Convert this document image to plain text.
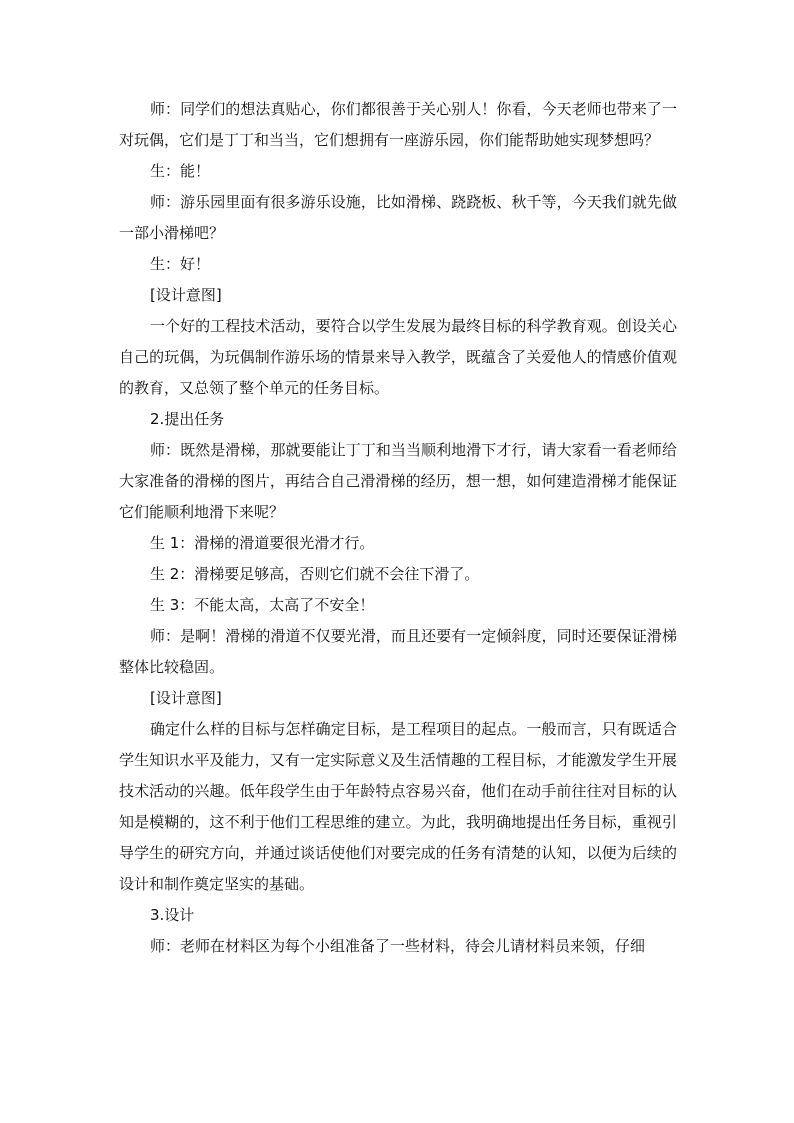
师：同学们的想法真贴心，你们都很善于关心别人！你看，今天老师也带来了一对玩偶，它们是丁丁和当当，它们想拥有一座游乐园，你们能帮助她实现梦想吗？

生：能！

师：游乐园里面有很多游乐设施，比如滑梯、跷跷板、秋千等，今天我们就先做一部小滑梯吧？

生：好！

[设计意图]

一个好的工程技术活动，要符合以学生发展为最终目标的科学教育观。创设关心自己的玩偶，为玩偶制作游乐场的情景来导入教学，既蕴含了关爱他人的情感价值观的教育，又总领了整个单元的任务目标。

2.提出任务

师：既然是滑梯，那就要能让丁丁和当当顺利地滑下才行，请大家看一看老师给大家准备的滑梯的图片，再结合自己滑滑梯的经历，想一想，如何建造滑梯才能保证它们能顺利地滑下来呢？

生 1：滑梯的滑道要很光滑才行。

生 2：滑梯要足够高，否则它们就不会往下滑了。

生 3：不能太高，太高了不安全！

师：是啊！滑梯的滑道不仅要光滑，而且还要有一定倾斜度，同时还要保证滑梯整体比较稳固。

[设计意图]

确定什么样的目标与怎样确定目标，是工程项目的起点。一般而言，只有既适合学生知识水平及能力，又有一定实际意义及生活情趣的工程目标，才能激发学生开展技术活动的兴趣。低年段学生由于年龄特点容易兴奋，他们在动手前往往对目标的认知是模糊的，这不利于他们工程思维的建立。为此，我明确地提出任务目标，重视引导学生的研究方向，并通过谈话使他们对要完成的任务有清楚的认知，以便为后续的设计和制作奠定坚实的基础。

3.设计

师：老师在材料区为每个小组准备了一些材料，待会儿请材料员来领，仔细
